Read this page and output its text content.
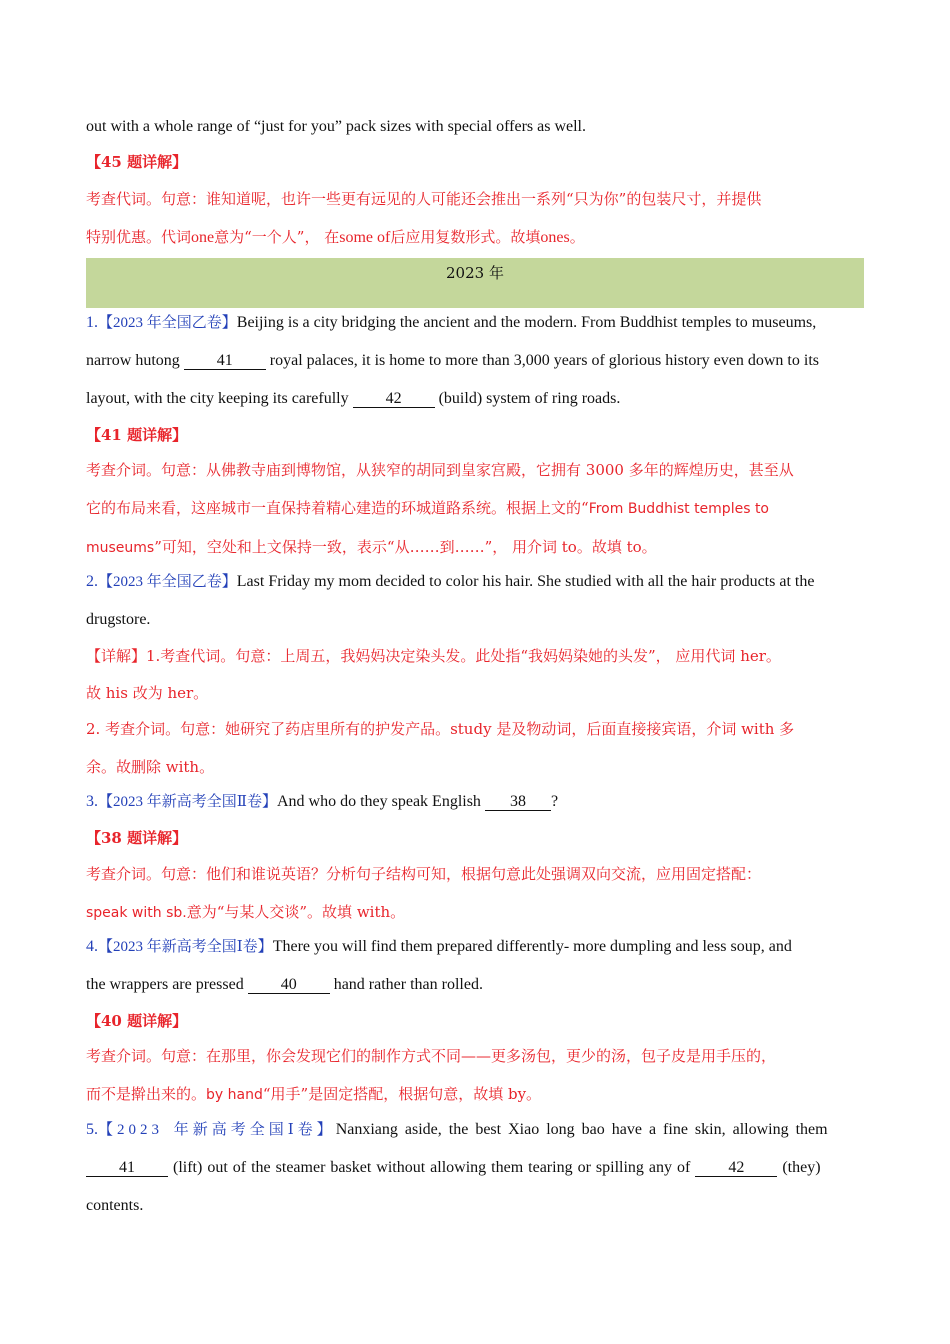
out with a whole range of “just for you” pack sizes with special offers as well.
【45 题详解】
考查代词。句意：谁知道呢，也许一些更有远见的人可能还会推出一系列“只为你”的包装尺寸，并提供
特别优惠。代词one意为“一个人”， 在some of后应用复数形式。故填ones。
2023 年
1.【2023 年全国乙卷】Beijing is a city bridging the ancient and the modern. From Buddhist temples to museums,
narrow hutong 41 royal palaces, it is home to more than 3,000 years of glorious history even down to its
layout, with the city keeping its carefully 42 (build) system of ring roads.
【41 题详解】
考查介词。句意：从佛教寺庙到博物馆，从狭窄的胡同到皇家宫殿，它拥有 3000 多年的辉煌历史，甚至从
它的布局来看，这座城市一直保持着精心建造的环城道路系统。根据上文的“From Buddhist temples to
museums”可知，空处和上文保持一致，表示“从……到……”， 用介词 to。故填 to。
2.【2023 年全国乙卷】Last Friday my mom decided to color his hair. She studied with all the hair products at the
drugstore.
【详解】1.考查代词。句意：上周五，我妈妈决定染头发。此处指“我妈妈染她的头发”， 应用代词 her。
故 his 改为 her。
2. 考查介词。句意：她研究了药店里所有的护发产品。study 是及物动词，后面直接接宾语，介词 with 多
余。故删除 with。
3.【2023 年新高考全国Ⅱ卷】And who do they speak English 38 ?
【38 题详解】
考查介词。句意：他们和谁说英语？分析句子结构可知，根据句意此处强调双向交流，应用固定搭配：
speak with sb.意为“与某人交谈”。故填 with。
4.【2023 年新高考全国Ⅰ卷】There you will find them prepared differently- more dumpling and less soup, and
the wrappers are pressed 40 hand rather than rolled.
【40 题详解】
考查介词。句意：在那里，你会发现它们的制作方式不同——更多汤包，更少的汤，包子皮是用手压的，
而不是擀出来的。by hand“用手”是固定搭配，根据句意，故填 by。
5.【2023 年新高考全国Ⅰ卷】Nanxiang aside, the best Xiao long bao have a fine skin, allowing them
41 (lift) out of the steamer basket without allowing them tearing or spilling any of 42 (they)
contents.
